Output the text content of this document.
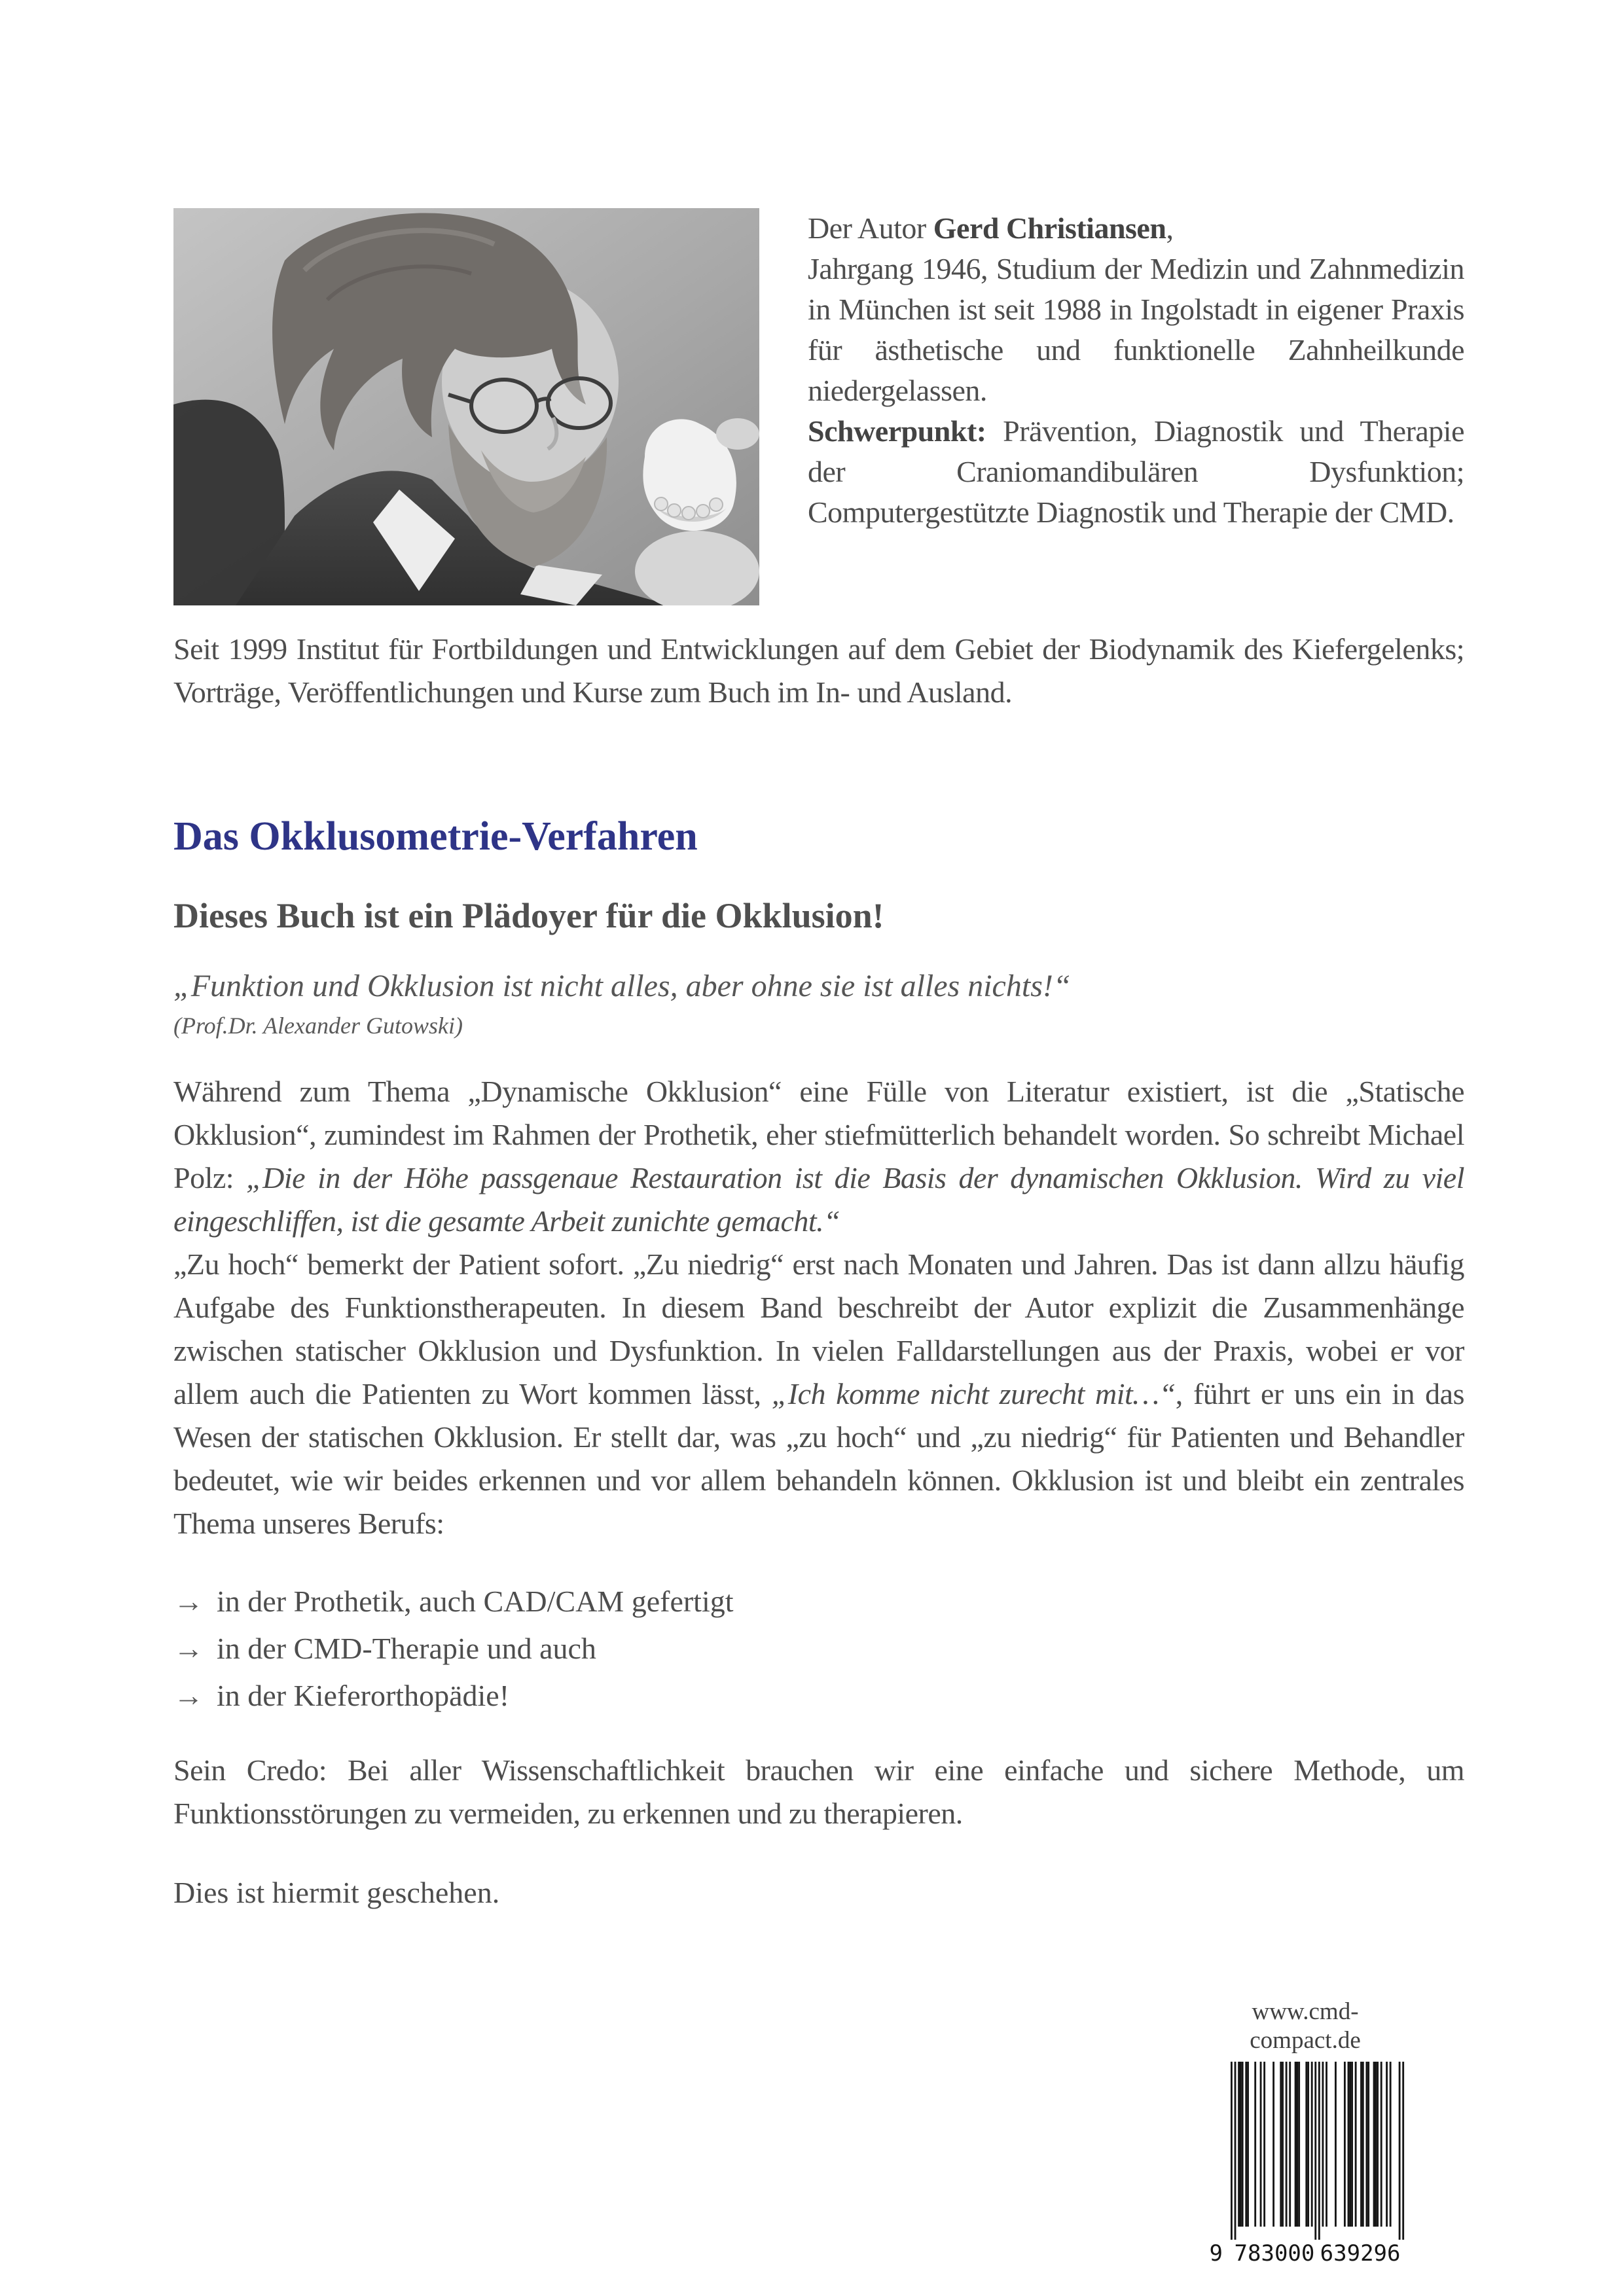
Der Autor Gerd Christiansen,
Jahrgang 1946, Studium der Medizin und Zahnmedizin in München ist seit 1988 in Ingolstadt in eigener Praxis für ästhetische und funktionelle Zahnheilkunde niedergelassen.
Schwerpunkt: Prävention, Diagnostik und Therapie der Craniomandibulären Dysfunktion; Computergestützte Diagnostik und Therapie der CMD.

Seit 1999 Institut für Fortbildungen und Entwicklungen auf dem Gebiet der Biodynamik des Kiefergelenks; Vorträge, Veröffentlichungen und Kurse zum Buch im In- und Ausland.

Das Okklusometrie-Verfahren
Dieses Buch ist ein Plädoyer für die Okklusion!

„Funktion und Okklusion ist nicht alles, aber ohne sie ist alles nichts!“

(Prof.Dr. Alexander Gutowski)

Während zum Thema „Dynamische Okklusion“ eine Fülle von Literatur existiert, ist die „Statische Okklusion“, zumindest im Rahmen der Prothetik, eher stiefmütterlich behandelt worden. So schreibt Michael Polz: „Die in der Höhe passgenaue Restauration ist die Basis der dynamischen Okklusion. Wird zu viel eingeschliffen, ist die gesamte Arbeit zunichte gemacht.“

„Zu hoch“ bemerkt der Patient sofort. „Zu niedrig“ erst nach Monaten und Jahren. Das ist dann allzu häufig Aufgabe des Funktionstherapeuten. In diesem Band beschreibt der Autor explizit die Zusammenhänge zwischen statischer Okklusion und Dysfunktion. In vielen Falldarstellungen aus der Praxis, wobei er vor allem auch die Patienten zu Wort kommen lässt, „Ich komme nicht zurecht mit…“, führt er uns ein in das Wesen der statischen Okklusion. Er stellt dar, was „zu hoch“ und „zu niedrig“ für Patienten und Behandler bedeutet, wie wir beides erkennen und vor allem behandeln können. Okklusion ist und bleibt ein zentrales Thema unseres Berufs:

→ in der Prothetik, auch CAD/CAM gefertigt
→ in der CMD-Therapie und auch
→ in der Kieferorthopädie!

Sein Credo: Bei aller Wissenschaftlichkeit brauchen wir eine einfache und sichere Methode, um Funktionsstörungen zu vermeiden, zu erkennen und zu therapieren.

Dies ist hiermit geschehen.

www.cmd-compact.de
9 783000 639296
